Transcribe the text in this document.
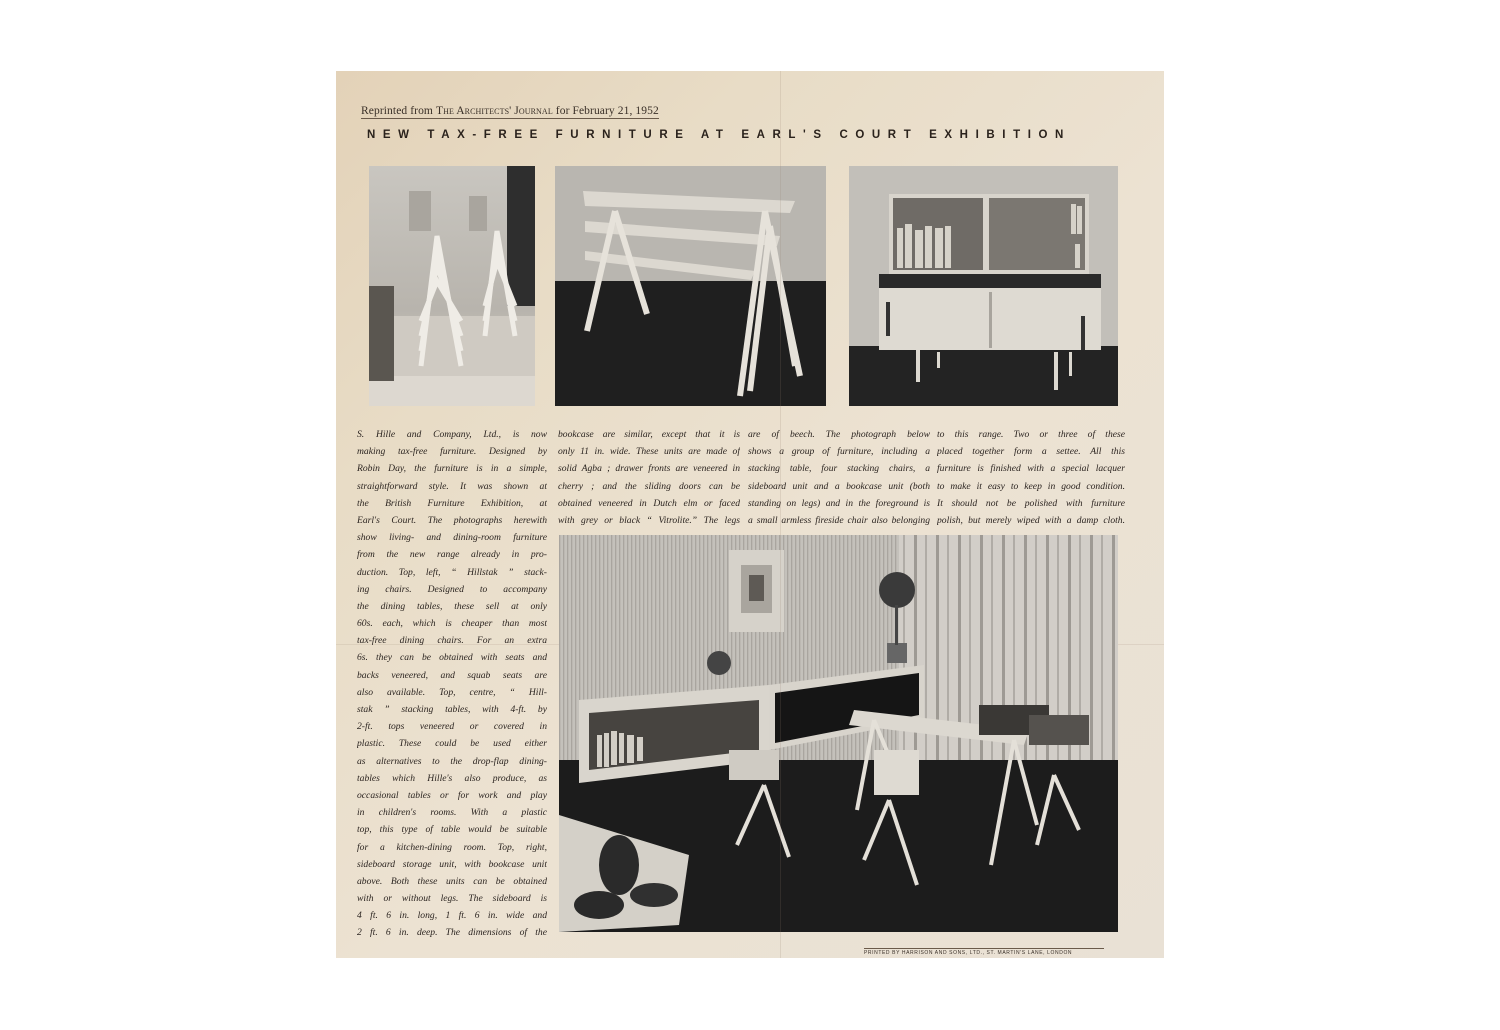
Reprinted from The Architects' Journal for February 21, 1952
NEW TAX-FREE FURNITURE AT EARL'S COURT EXHIBITION
S. Hille and Company, Ltd., is now
making tax-free furniture. Designed by
Robin Day, the furniture is in a simple,
straightforward style. It was shown at
the British Furniture Exhibition, at
Earl's Court. The photographs herewith
show living- and dining-room furniture
from the new range already in pro-
duction. Top, left, “ Hillstak ” stack-
ing chairs. Designed to accompany
the dining tables, these sell at only
60s. each, which is cheaper than most
tax-free dining chairs. For an extra
6s. they can be obtained with seats and
backs veneered, and squab seats are
also available. Top, centre, “ Hill-
stak ” stacking tables, with 4-ft. by
2-ft. tops veneered or covered in
plastic. These could be used either
as alternatives to the drop-flap dining-
tables which Hille's also produce, as
occasional tables or for work and play
in children's rooms. With a plastic
top, this type of table would be suitable
for a kitchen-dining room. Top, right,
sideboard storage unit, with bookcase unit
above. Both these units can be obtained
with or without legs. The sideboard is
4 ft. 6 in. long, 1 ft. 6 in. wide and
2 ft. 6 in. deep. The dimensions of the
bookcase are similar, except that it is
only 11 in. wide. These units are made of
solid Agba ; drawer fronts are veneered in
cherry ; and the sliding doors can be
obtained veneered in Dutch elm or faced
with grey or black “ Vitrolite.” The legs
are of beech. The photograph below
shows a group of furniture, including a
stacking table, four stacking chairs, a
sideboard unit and a bookcase unit (both
standing on legs) and in the foreground is
a small armless fireside chair also belonging
to this range. Two or three of these
placed together form a settee. All this
furniture is finished with a special lacquer
to make it easy to keep in good condition.
It should not be polished with furniture
polish, but merely wiped with a damp cloth.
PRINTED BY HARRISON AND SONS, LTD., ST. MARTIN'S LANE, LONDON
